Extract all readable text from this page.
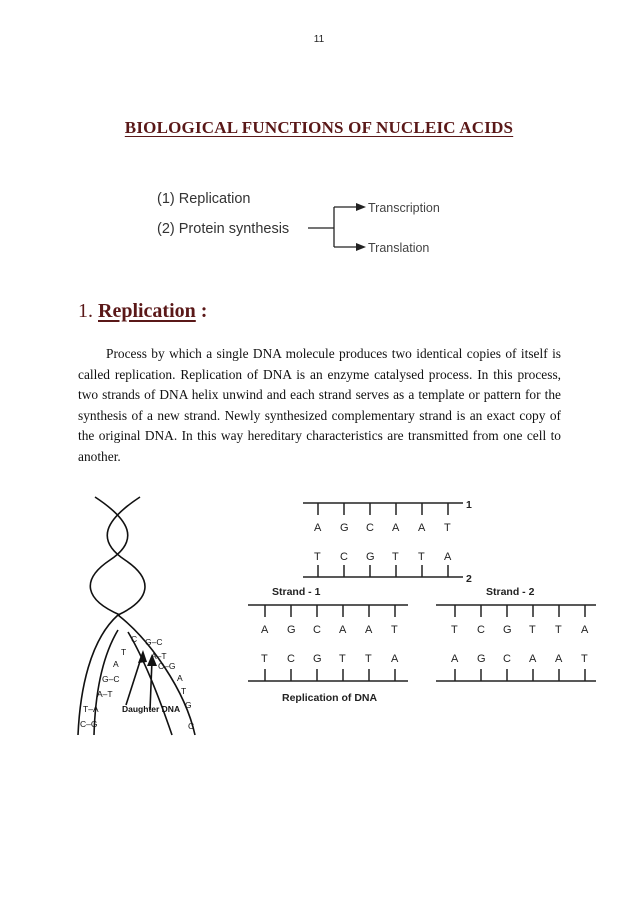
11
BIOLOGICAL FUNCTIONS OF NUCLEIC ACIDS
(1) Replication
(2) Protein synthesis
Transcription
Translation
C
T
A
G–C
A–T
T–A
C–G
G–C
A–T
C–G
A
T
G
C
Daughter DNA
1
2
Strand - 1	Strand - 2
Replication of DNA
A G C A A T
T C G T T A
A G C A A T
T C G T T A
T C G T T A
A G C A A T
1. Replication :

Process by which a single DNA molecule produces two identical copies of itself is called replication. Replication of DNA is an enzyme catalysed process. In this process, two strands of DNA helix unwind and each strand serves as a template or pattern for the synthesis of a new strand. Newly synthesized complementary strand is an exact copy of the original DNA. In this way hereditary characteristics are transmitted from one cell to another.
